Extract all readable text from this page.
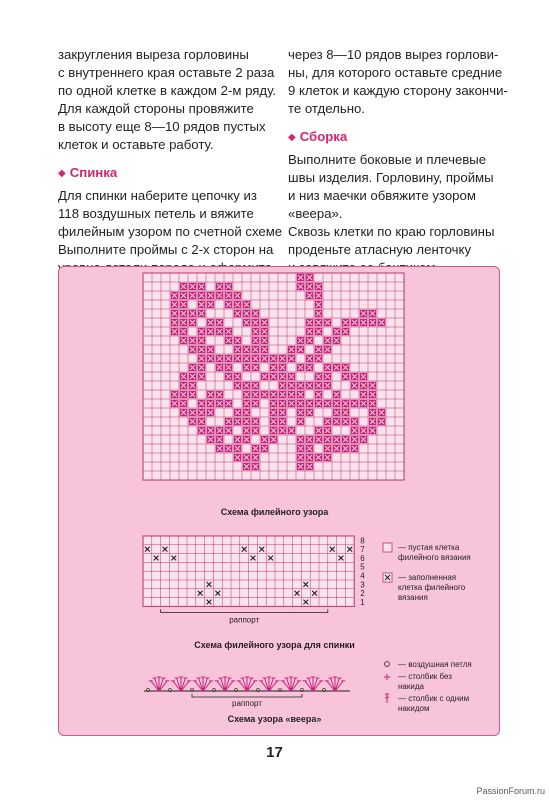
закругления выреза горловины
с внутреннего края оставьте 2 раза
по одной клетке в каждом 2-м ряду.
Для каждой стороны провяжите
в высоту еще 8—10 рядов пустых
клеток и оставьте работу.

◆ Спинка

Для спинки наберите цепочку из
118 воздушных петель и вяжите
филейным узором по счетной схеме
Выполните проймы с 2-х сторон на

через 8—10 рядов вырез горлови-
ны, для которого оставьте средние
9 клеток и каждую сторону закончи-
те отдельно.

◆ Сборка

Выполните боковые и плечевые
швы изделия. Горловину, проймы
и низ маечки обвяжите узором
«веера».
Сквозь клетки по краю горловины
проденьте атласную ленточку

1
2
3
4
5
6
7
8
раппорт
раппорт
Схема филейного узора
Схема филейного узора для спинки
Схема узора «веера»
— пустая клетка
филейного вязания
— заполненная
клетка филейного
вязания
— воздушная петля
— столбик без
накида
— столбик с одним
накидом
17
PassionForum.ru
